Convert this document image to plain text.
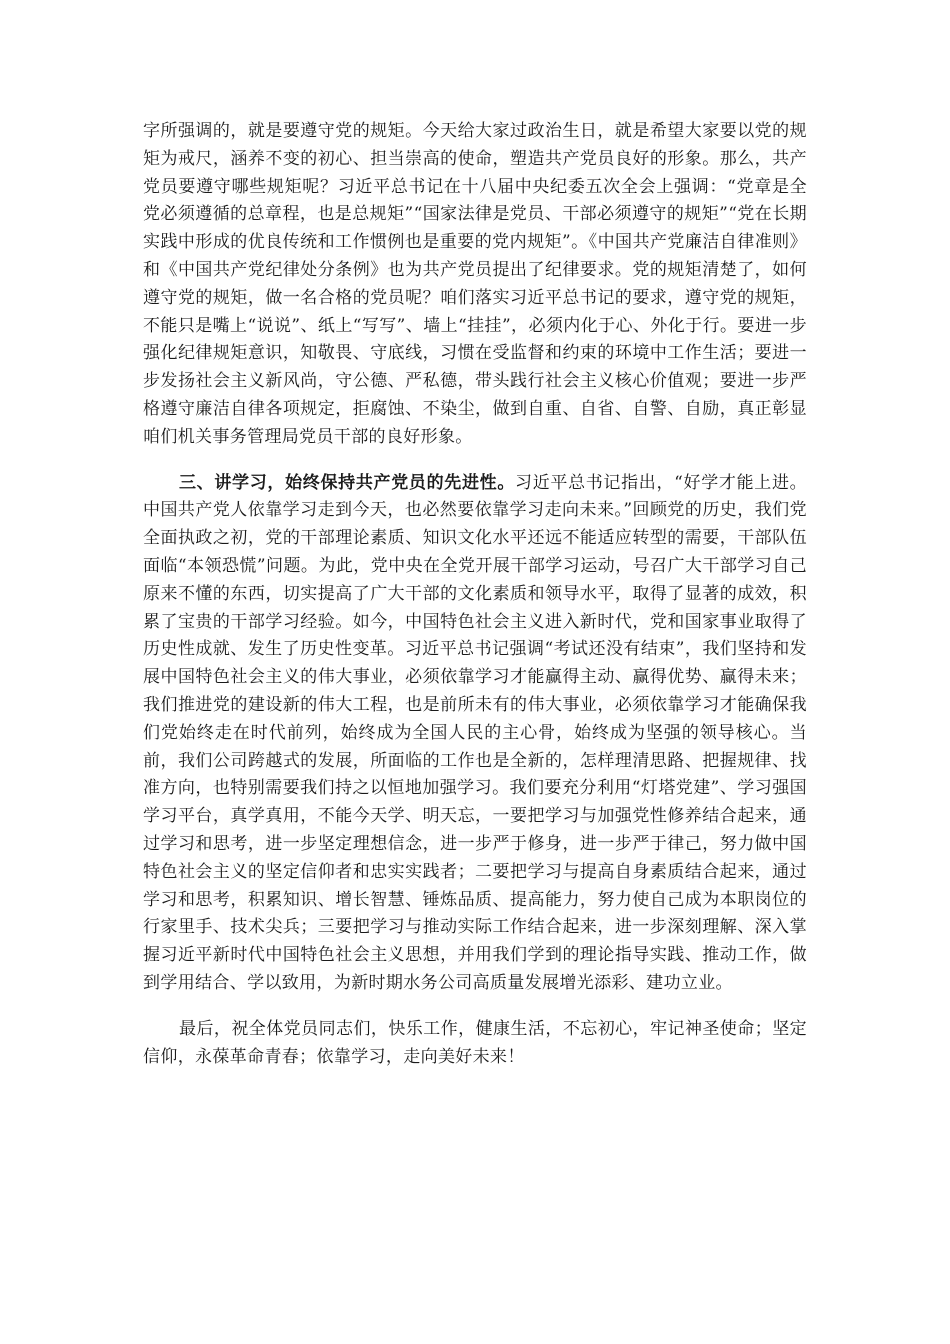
字所强调的，就是要遵守党的规矩。今天给大家过政治生日，就是希望大家要以党的规矩为戒尺，涵养不变的初心、担当崇高的使命，塑造共产党员良好的形象。那么，共产党员要遵守哪些规矩呢？习近平总书记在十八届中央纪委五次全会上强调：“党章是全党必须遵循的总章程，也是总规矩”“国家法律是党员、干部必须遵守的规矩”“党在长期实践中形成的优良传统和工作惯例也是重要的党内规矩”。《中国共产党廉洁自律准则》和《中国共产党纪律处分条例》也为共产党员提出了纪律要求。党的规矩清楚了，如何遵守党的规矩，做一名合格的党员呢？咱们落实习近平总书记的要求，遵守党的规矩，不能只是嘴上“说说”、纸上“写写”、墙上“挂挂”，必须内化于心、外化于行。要进一步强化纪律规矩意识，知敬畏、守底线，习惯在受监督和约束的环境中工作生活；要进一步发扬社会主义新风尚，守公德、严私德，带头践行社会主义核心价值观；要进一步严格遵守廉洁自律各项规定，拒腐蚀、不染尘，做到自重、自省、自警、自励，真正彰显咱们机关事务管理局党员干部的良好形象。

三、讲学习，始终保持共产党员的先进性。习近平总书记指出，“好学才能上进。中国共产党人依靠学习走到今天，也必然要依靠学习走向未来。”回顾党的历史，我们党全面执政之初，党的干部理论素质、知识文化水平还远不能适应转型的需要，干部队伍面临“本领恐慌”问题。为此，党中央在全党开展干部学习运动，号召广大干部学习自己原来不懂的东西，切实提高了广大干部的文化素质和领导水平，取得了显著的成效，积累了宝贵的干部学习经验。如今，中国特色社会主义进入新时代，党和国家事业取得了历史性成就、发生了历史性变革。习近平总书记强调“考试还没有结束”，我们坚持和发展中国特色社会主义的伟大事业，必须依靠学习才能赢得主动、赢得优势、赢得未来；我们推进党的建设新的伟大工程，也是前所未有的伟大事业，必须依靠学习才能确保我们党始终走在时代前列，始终成为全国人民的主心骨，始终成为坚强的领导核心。当前，我们公司跨越式的发展，所面临的工作也是全新的，怎样理清思路、把握规律、找准方向，也特别需要我们持之以恒地加强学习。我们要充分利用“灯塔党建”、学习强国学习平台，真学真用，不能今天学、明天忘，一要把学习与加强党性修养结合起来，通过学习和思考，进一步坚定理想信念，进一步严于修身，进一步严于律己，努力做中国特色社会主义的坚定信仰者和忠实实践者；二要把学习与提高自身素质结合起来，通过学习和思考，积累知识、增长智慧、锤炼品质、提高能力，努力使自己成为本职岗位的行家里手、技术尖兵；三要把学习与推动实际工作结合起来，进一步深刻理解、深入掌握习近平新时代中国特色社会主义思想，并用我们学到的理论指导实践、推动工作，做到学用结合、学以致用，为新时期水务公司高质量发展增光添彩、建功立业。

最后，祝全体党员同志们，快乐工作，健康生活，不忘初心，牢记神圣使命；坚定信仰，永葆革命青春；依靠学习，走向美好未来！
